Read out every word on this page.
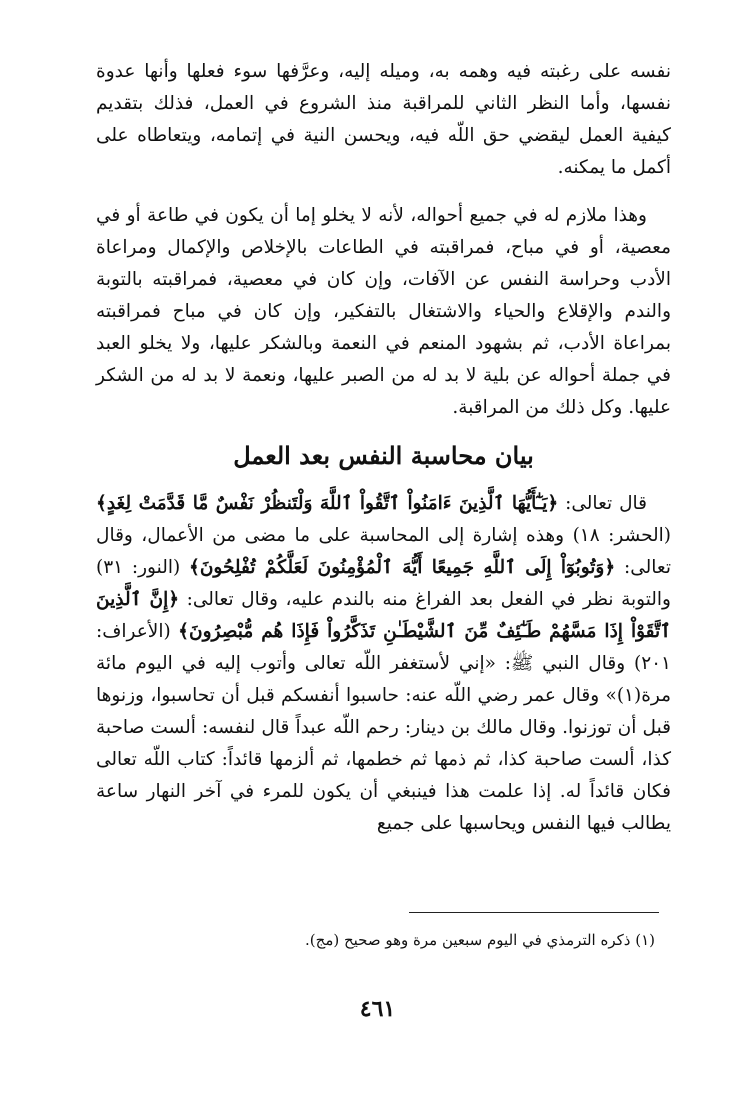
نفسه على رغبته فيه وهمه به، وميله إليه، وعرَّفها سوء فعلها وأنها عدوة نفسها، وأما النظر الثاني للمراقبة منذ الشروع في العمل، فذلك بتقديم كيفية العمل ليقضي حق اللّه فيه، ويحسن النية في إتمامه، ويتعاطاه على أكمل ما يمكنه.

وهذا ملازم له في جميع أحواله، لأنه لا يخلو إما أن يكون في طاعة أو في معصية، أو في مباح، فمراقبته في الطاعات بالإخلاص والإكمال ومراعاة الأدب وحراسة النفس عن الآفات، وإن كان في معصية، فمراقبته بالتوبة والندم والإقلاع والحياء والاشتغال بالتفكير، وإن كان في مباح فمراقبته بمراعاة الأدب، ثم بشهود المنعم في النعمة وبالشكر عليها، ولا يخلو العبد في جملة أحواله عن بلية لا بد له من الصبر عليها، ونعمة لا بد له من الشكر عليها. وكل ذلك من المراقبة.

بيان محاسبة النفس بعد العمل

قال تعالى: ﴿يَـٰٓأَيُّهَا ٱلَّذِينَ ءَامَنُواْ ٱتَّقُواْ ٱللَّهَ وَلْتَنظُرْ نَفْسٌ مَّا قَدَّمَتْ لِغَدٍ﴾ (الحشر: ١٨) وهذه إشارة إلى المحاسبة على ما مضى من الأعمال، وقال تعالى: ﴿وَتُوبُوٓاْ إِلَى ٱللَّهِ جَمِيعًا أَيُّهَ ٱلْمُؤْمِنُونَ لَعَلَّكُمْ تُفْلِحُونَ﴾ (النور: ٣١) والتوبة نظر في الفعل بعد الفراغ منه بالندم عليه، وقال تعالى: ﴿إِنَّ ٱلَّذِينَ ٱتَّقَوْاْ إِذَا مَسَّهُمْ طَـٰٓئِفٌ مِّنَ ٱلشَّيْطَـٰنِ تَذَكَّرُواْ فَإِذَا هُم مُّبْصِرُونَ﴾ (الأعراف: ٢٠١) وقال النبي ﷺ: «إني لأستغفر اللّه تعالى وأتوب إليه في اليوم مائة مرة(١)» وقال عمر رضي اللّه عنه: حاسبوا أنفسكم قبل أن تحاسبوا، وزنوها قبل أن توزنوا. وقال مالك بن دينار: رحم اللّه عبداً قال لنفسه: ألست صاحبة كذا، ألست صاحبة كذا، ثم ذمها ثم خطمها، ثم ألزمها قائداً: كتاب اللّه تعالى فكان قائداً له. إذا علمت هذا فينبغي أن يكون للمرء في آخر النهار ساعة يطالب فيها النفس ويحاسبها على جميع

(١) ذكره الترمذي في اليوم سبعين مرة وهو صحيح (مج).
٤٦١
